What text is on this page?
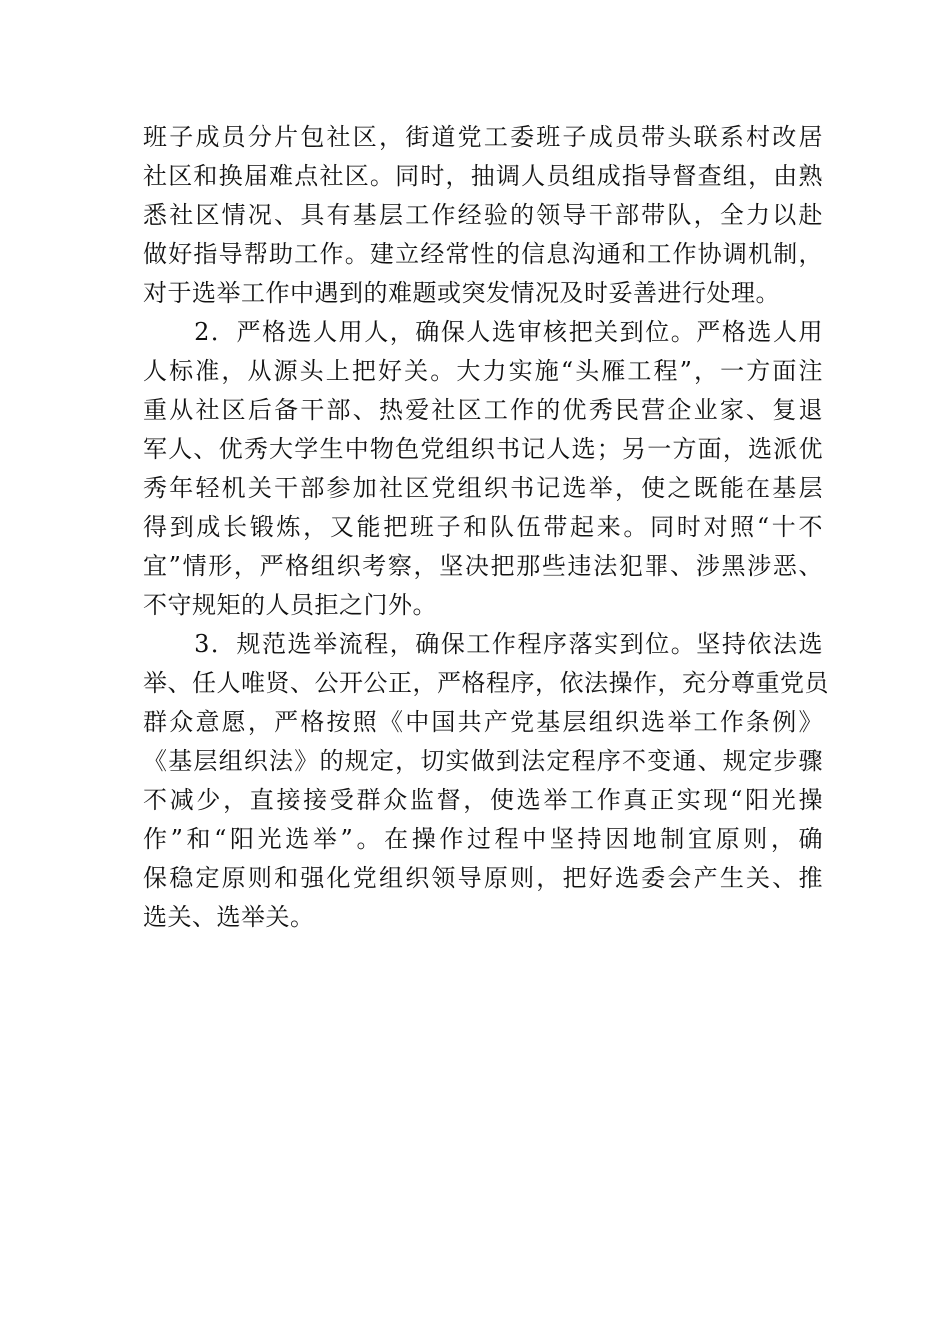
班子成员分片包社区，街道党工委班子成员带头联系村改居
社区和换届难点社区。同时，抽调人员组成指导督查组，由熟
悉社区情况、具有基层工作经验的领导干部带队，全力以赴
做好指导帮助工作。建立经常性的信息沟通和工作协调机制，
对于选举工作中遇到的难题或突发情况及时妥善进行处理。
　　2．严格选人用人，确保人选审核把关到位。严格选人用
人标准，从源头上把好关。大力实施“头雁工程”，一方面注
重从社区后备干部、热爱社区工作的优秀民营企业家、复退
军人、优秀大学生中物色党组织书记人选；另一方面，选派优
秀年轻机关干部参加社区党组织书记选举，使之既能在基层
得到成长锻炼，又能把班子和队伍带起来。同时对照“十不
宜”情形，严格组织考察，坚决把那些违法犯罪、涉黑涉恶、
不守规矩的人员拒之门外。
　　3．规范选举流程，确保工作程序落实到位。坚持依法选
举、任人唯贤、公开公正，严格程序，依法操作，充分尊重党员
群众意愿，严格按照《中国共产党基层组织选举工作条例》
《基层组织法》的规定，切实做到法定程序不变通、规定步骤
不减少，直接接受群众监督，使选举工作真正实现“阳光操
作”和“阳光选举”。在操作过程中坚持因地制宜原则，确
保稳定原则和强化党组织领导原则，把好选委会产生关、推
选关、选举关。
